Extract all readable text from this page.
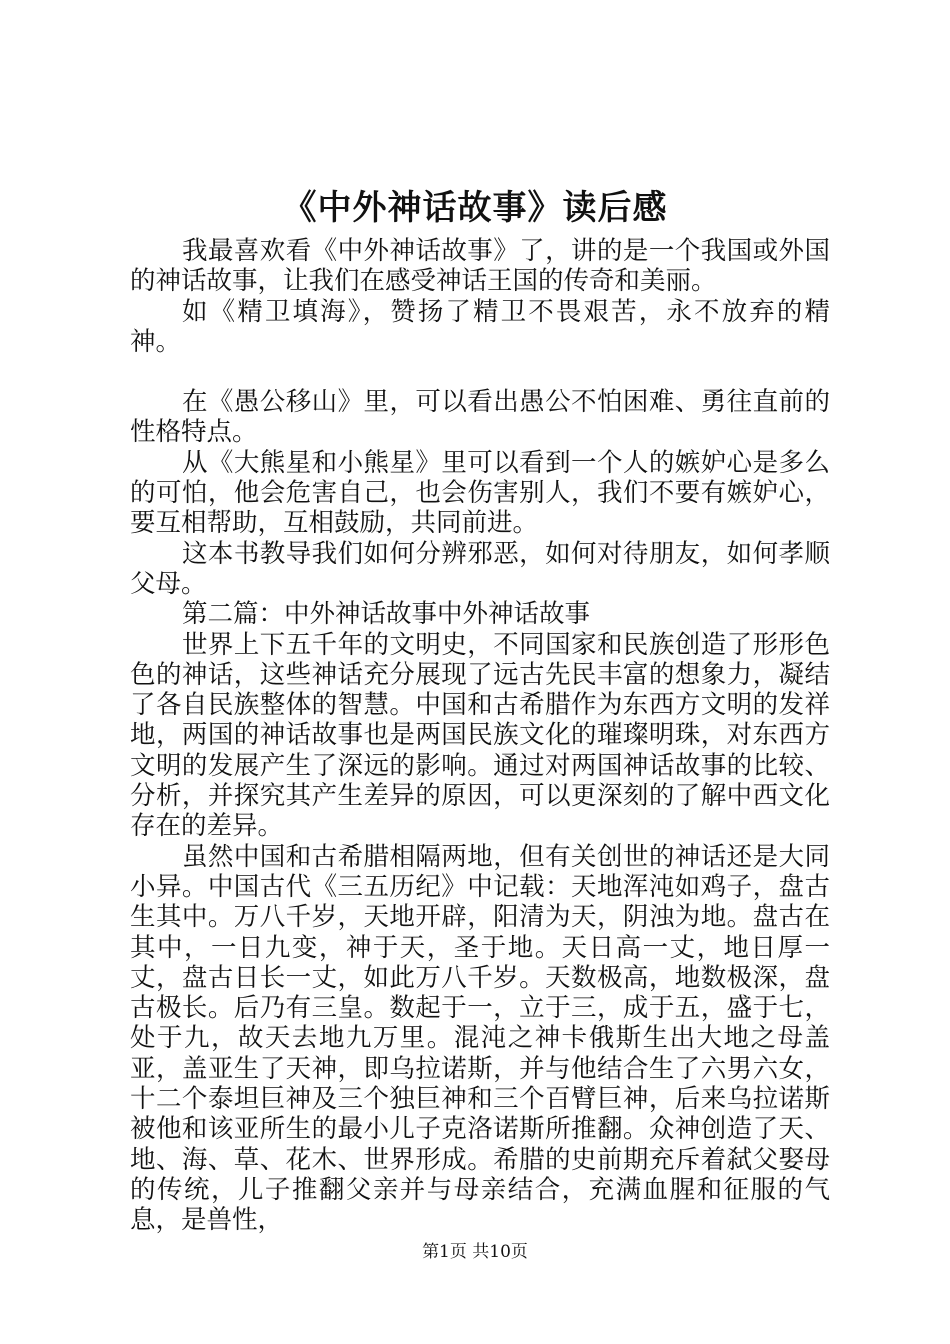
《中外神话故事》读后感

我最喜欢看《中外神话故事》了，讲的是一个我国或外国的神话故事，让我们在感受神话王国的传奇和美丽。

如《精卫填海》，赞扬了精卫不畏艰苦，永不放弃的精神。

在《愚公移山》里，可以看出愚公不怕困难、勇往直前的性格特点。

从《大熊星和小熊星》里可以看到一个人的嫉妒心是多么的可怕，他会危害自己，也会伤害别人，我们不要有嫉妒心，要互相帮助，互相鼓励，共同前进。

这本书教导我们如何分辨邪恶，如何对待朋友，如何孝顺父母。

第二篇：中外神话故事中外神话故事

世界上下五千年的文明史，不同国家和民族创造了形形色色的神话，这些神话充分展现了远古先民丰富的想象力，凝结了各自民族整体的智慧。中国和古希腊作为东西方文明的发祥地，两国的神话故事也是两国民族文化的璀璨明珠，对东西方文明的发展产生了深远的影响。通过对两国神话故事的比较、分析，并探究其产生差异的原因，可以更深刻的了解中西文化存在的差异。

虽然中国和古希腊相隔两地，但有关创世的神话还是大同小异。中国古代《三五历纪》中记载：天地浑沌如鸡子，盘古生其中。万八千岁，天地开辟，阳清为天，阴浊为地。盘古在其中，一日九变，神于天，圣于地。天日高一丈，地日厚一丈，盘古日长一丈，如此万八千岁。天数极高，地数极深，盘古极长。后乃有三皇。数起于一，立于三，成于五，盛于七，处于九，故天去地九万里。混沌之神卡俄斯生出大地之母盖亚，盖亚生了天神，即乌拉诺斯，并与他结合生了六男六女，十二个泰坦巨神及三个独巨神和三个百臂巨神，后来乌拉诺斯被他和该亚所生的最小儿子克洛诺斯所推翻。众神创造了天、地、海、草、花木、世界形成。希腊的史前期充斥着弑父娶母的传统，儿子推翻父亲并与母亲结合，充满血腥和征服的气息，是兽性，

第1页 共10页
